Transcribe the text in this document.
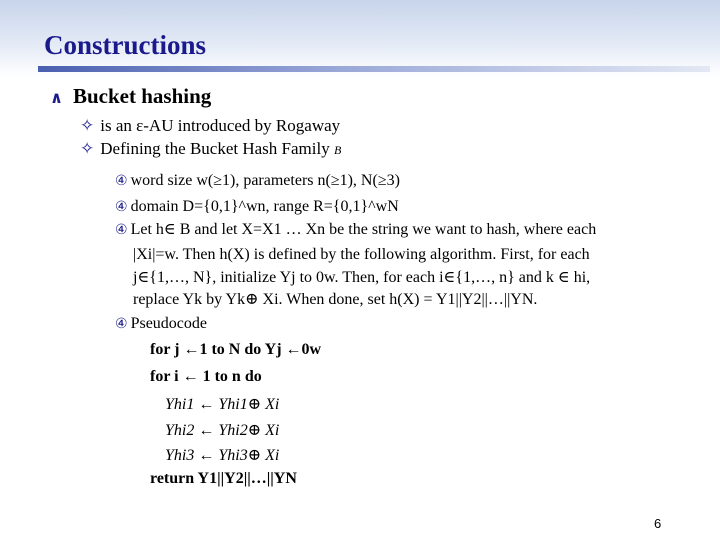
Constructions
∧ Bucket hashing
✧ is an ε-AU introduced by Rogaway
✧ Defining the Bucket Hash Family B
④ word size w(≥1), parameters n(≥1), N(≥3)
④ domain D={0,1}^wn, range R={0,1}^wN
④ Let h∈ B and let X=X1 … Xn be the string we want to hash, where each
|Xi|=w. Then h(X) is defined by the following algorithm. First, for each
j∈{1,…, N}, initialize Yj to 0w. Then, for each i∈{1,…, n} and k ∈ hi,
replace Yk by Yk⊕ Xi. When done, set h(X) = Y1||Y2||…||YN.
④ Pseudocode
for j ←1 to N do Yj ←0w
for i ← 1 to n do
Yhi1 ← Yhi1⊕ Xi
Yhi2 ← Yhi2⊕ Xi
Yhi3 ← Yhi3⊕ Xi
return Y1||Y2||…||YN
6
